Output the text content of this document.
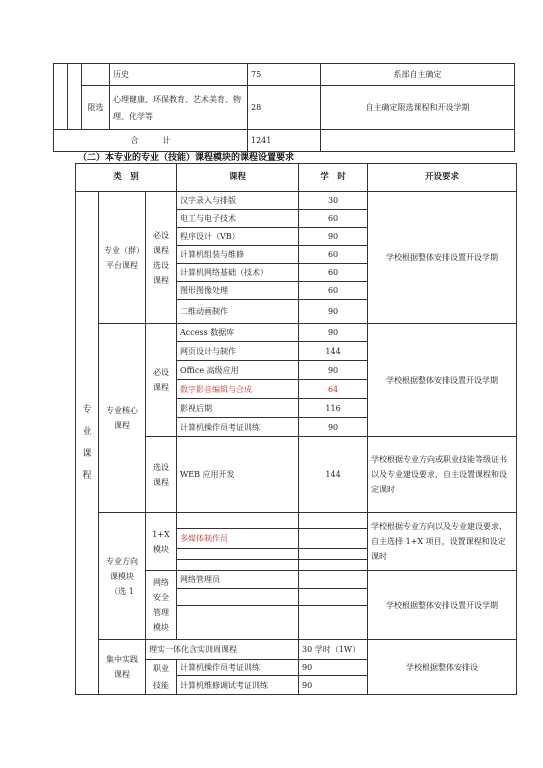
			历史	75	系部自主确定
		限选	心理健康、环保教育、艺术美育、物理、化学等	28	自主确定限选课程和开设学期
合　　　计				1241	
（二）本专业的专业（技能）课程模块的课程设置要求
类　别			课程	学　时	开设要求

专业课程	专业（群）平台课程	必设课程选设课程	汉字录入与排版	30	学校根据整体安排设置开设学期
			电工与电子技术	60	
			程序设计（VB）	90	
			计算机组装与维修	60	
			计算机网络基础（技术）	60	
			图形图像处理	60	
			二维动画制作	90	

	专业核心课程	必设课程	Access 数据库	90	学校根据整体安排设置开设学期
			网页设计与制作	144	
			Office 高级应用	90	
			数字影音编辑与合成	64	
			影视后期	116	
			计算机操作员考证训练	90	

		选设课程	WEB 应用开发	144	学校根据专业方向或职业技能等级证书以及专业建设要求，自主设置课程和设定课时

	专业方向课模块（选 1	1+X模块			学校根据专业方向以及专业建设要求，自主选择 1+X 项目，设置课程和设定课时
			多媒体制作员		

		网络安全管理模块	网络管理员		学校根据整体安排设置开设学期

	集中实践课程	理实一体化含实训周课程		30 学时（1W）	学校根据整体安排设

		职业技能	计算机操作员考证训练	90	

			计算机维修调试考证训练	90	
